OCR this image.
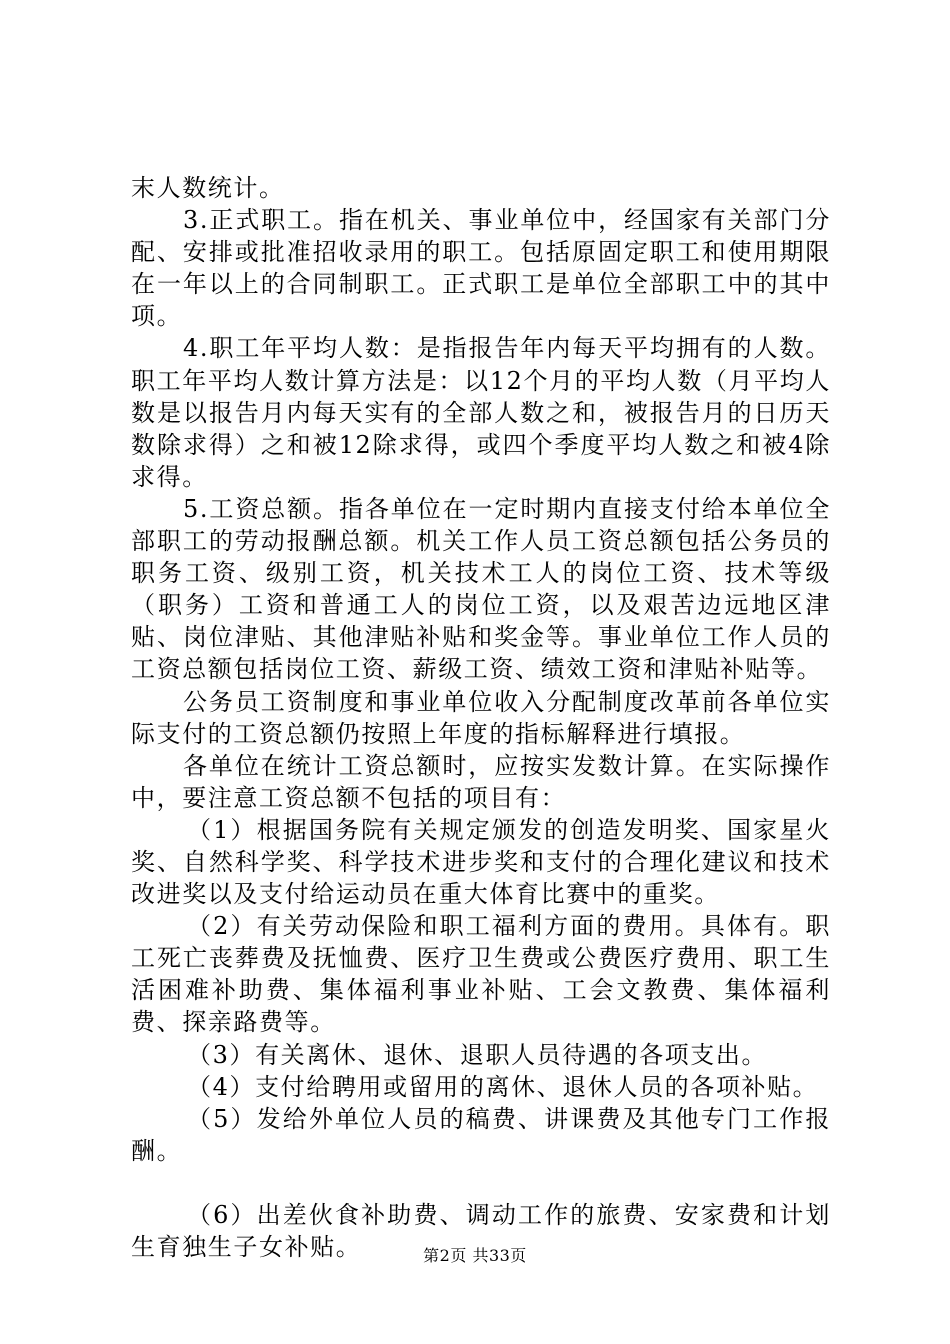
末人数统计。

3.正式职工。指在机关、事业单位中，经国家有关部门分配、安排或批准招收录用的职工。包括原固定职工和使用期限在一年以上的合同制职工。正式职工是单位全部职工中的其中项。

4.职工年平均人数：是指报告年内每天平均拥有的人数。职工年平均人数计算方法是：以12个月的平均人数（月平均人数是以报告月内每天实有的全部人数之和，被报告月的日历天数除求得）之和被12除求得，或四个季度平均人数之和被4除求得。

5.工资总额。指各单位在一定时期内直接支付给本单位全部职工的劳动报酬总额。机关工作人员工资总额包括公务员的职务工资、级别工资，机关技术工人的岗位工资、技术等级（职务）工资和普通工人的岗位工资，以及艰苦边远地区津贴、岗位津贴、其他津贴补贴和奖金等。事业单位工作人员的工资总额包括岗位工资、薪级工资、绩效工资和津贴补贴等。

公务员工资制度和事业单位收入分配制度改革前各单位实际支付的工资总额仍按照上年度的指标解释进行填报。

各单位在统计工资总额时，应按实发数计算。在实际操作中，要注意工资总额不包括的项目有：

（1）根据国务院有关规定颁发的创造发明奖、国家星火奖、自然科学奖、科学技术进步奖和支付的合理化建议和技术改进奖以及支付给运动员在重大体育比赛中的重奖。

（2）有关劳动保险和职工福利方面的费用。具体有。职工死亡丧葬费及抚恤费、医疗卫生费或公费医疗费用、职工生活困难补助费、集体福利事业补贴、工会文教费、集体福利费、探亲路费等。

（3）有关离休、退休、退职人员待遇的各项支出。

（4）支付给聘用或留用的离休、退休人员的各项补贴。

（5）发给外单位人员的稿费、讲课费及其他专门工作报酬。

（6）出差伙食补助费、调动工作的旅费、安家费和计划生育独生子女补贴。	第2页 共33页
